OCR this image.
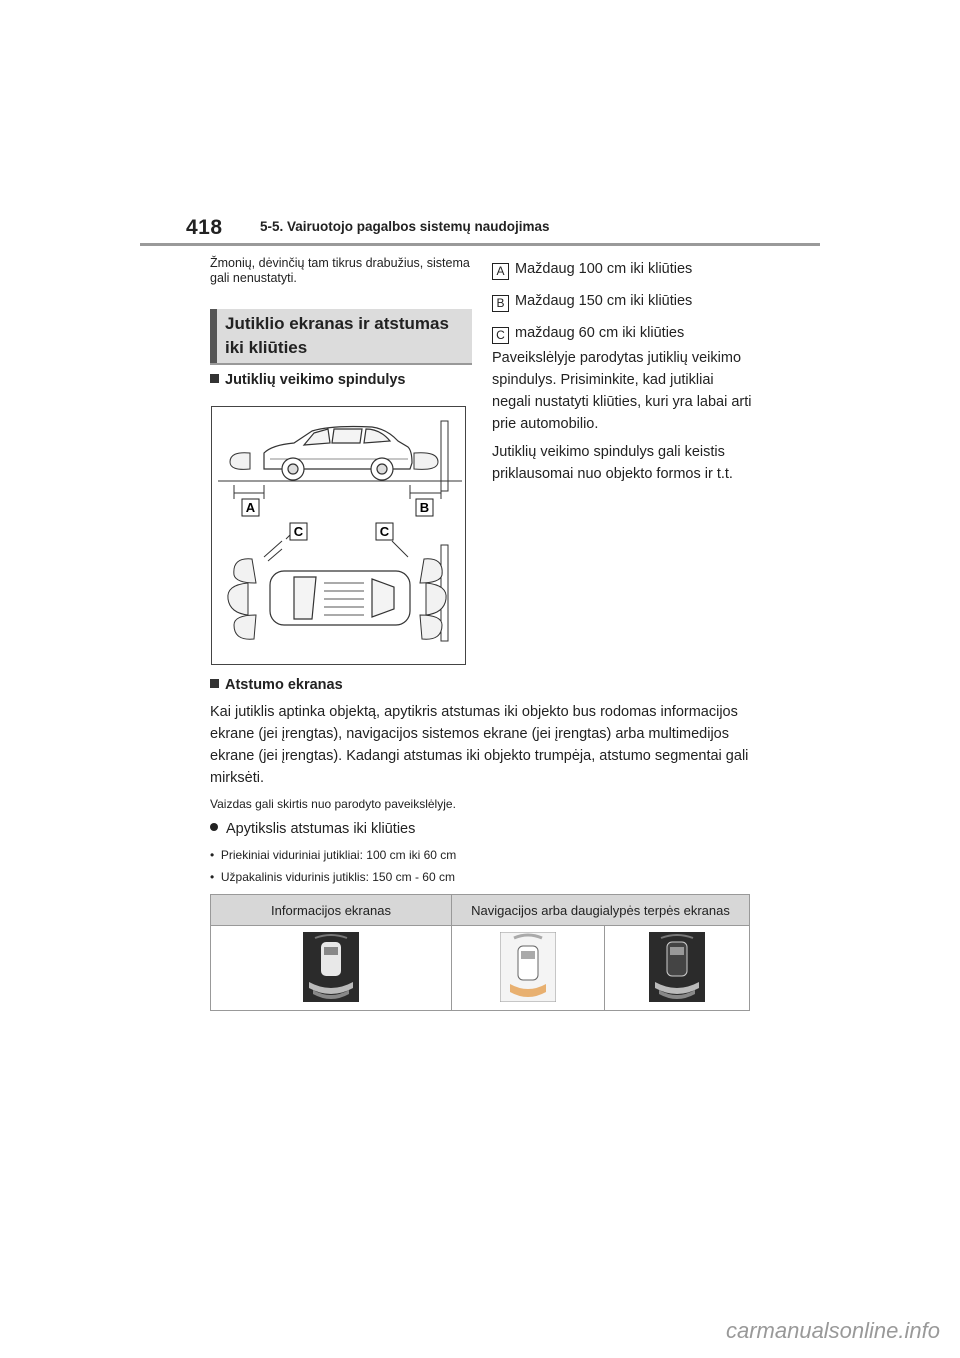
418	5-5. Vairuotojo pagalbos sistemų naudojimas
Žmonių, dėvinčių tam tikrus drabužius, sistema gali nenustatyti.
Jutiklio ekranas ir atstumas
iki kliūties
Jutiklių veikimo spindulys
A	B
C	C
A Maždaug 100 cm iki kliūties
B Maždaug 150 cm iki kliūties
C maždaug 60 cm iki kliūties
Paveikslėlyje parodytas jutiklių veikimo spindulys. Prisiminkite, kad jutikliai negali nustatyti kliūties, kuri yra labai arti prie automobilio.
Jutiklių veikimo spindulys gali keistis priklausomai nuo objekto formos ir t.t.
Atstumo ekranas
Kai jutiklis aptinka objektą, apytikris atstumas iki objekto bus rodomas informacijos ekrane (jei įrengtas), navigacijos sistemos ekrane (jei įrengtas) arba multimedijos ekrane (jei įrengtas). Kadangi atstumas iki objekto trumpėja, atstumo segmentai gali mirksėti.
Vaizdas gali skirtis nuo parodyto paveikslėlyje.
Apytikslis atstumas iki kliūties
•  Priekiniai viduriniai jutikliai: 100 cm iki 60 cm
•  Užpakalinis vidurinis jutiklis: 150 cm - 60 cm
Informacijos ekranas	Navigacijos arba daugialypės terpės ekranas	

carmanualsonline.info
